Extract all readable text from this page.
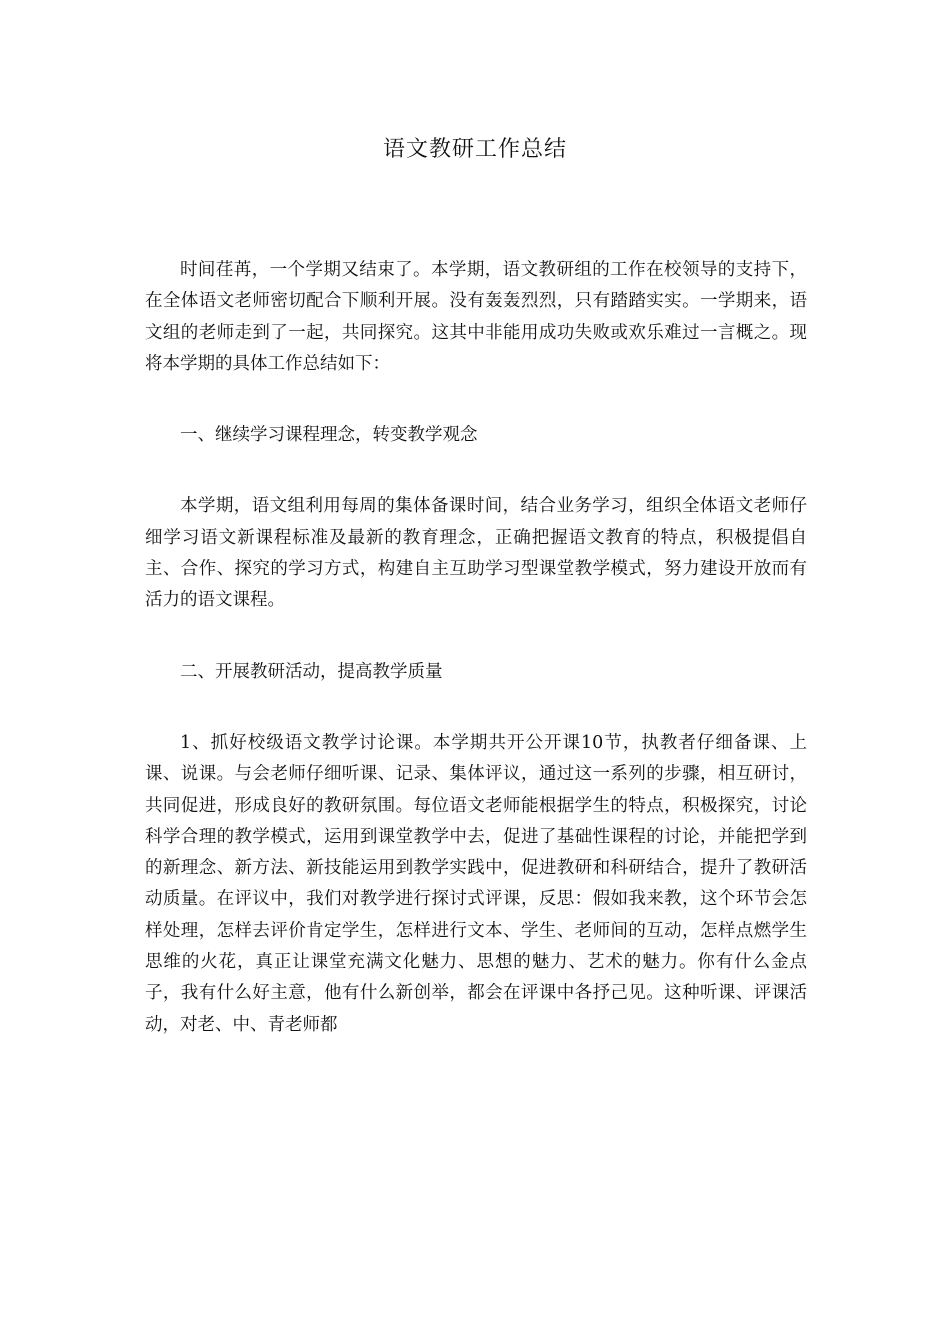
语文教研工作总结

时间荏苒，一个学期又结束了。本学期，语文教研组的工作在校领导的支持下，在全体语文老师密切配合下顺利开展。没有轰轰烈烈，只有踏踏实实。一学期来，语文组的老师走到了一起，共同探究。这其中非能用成功失败或欢乐难过一言概之。现将本学期的具体工作总结如下：

一、继续学习课程理念，转变教学观念

本学期，语文组利用每周的集体备课时间，结合业务学习，组织全体语文老师仔细学习语文新课程标准及最新的教育理念，正确把握语文教育的特点，积极提倡自主、合作、探究的学习方式，构建自主互助学习型课堂教学模式，努力建设开放而有活力的语文课程。

二、开展教研活动，提高教学质量

1、抓好校级语文教学讨论课。本学期共开公开课10节，执教者仔细备课、上课、说课。与会老师仔细听课、记录、集体评议，通过这一系列的步骤，相互研讨，共同促进，形成良好的教研氛围。每位语文老师能根据学生的特点，积极探究，讨论科学合理的教学模式，运用到课堂教学中去，促进了基础性课程的讨论，并能把学到的新理念、新方法、新技能运用到教学实践中，促进教研和科研结合，提升了教研活动质量。在评议中，我们对教学进行探讨式评课，反思：假如我来教，这个环节会怎样处理，怎样去评价肯定学生，怎样进行文本、学生、老师间的互动，怎样点燃学生思维的火花，真正让课堂充满文化魅力、思想的魅力、艺术的魅力。你有什么金点子，我有什么好主意，他有什么新创举，都会在评课中各抒己见。这种听课、评课活动，对老、中、青老师都
